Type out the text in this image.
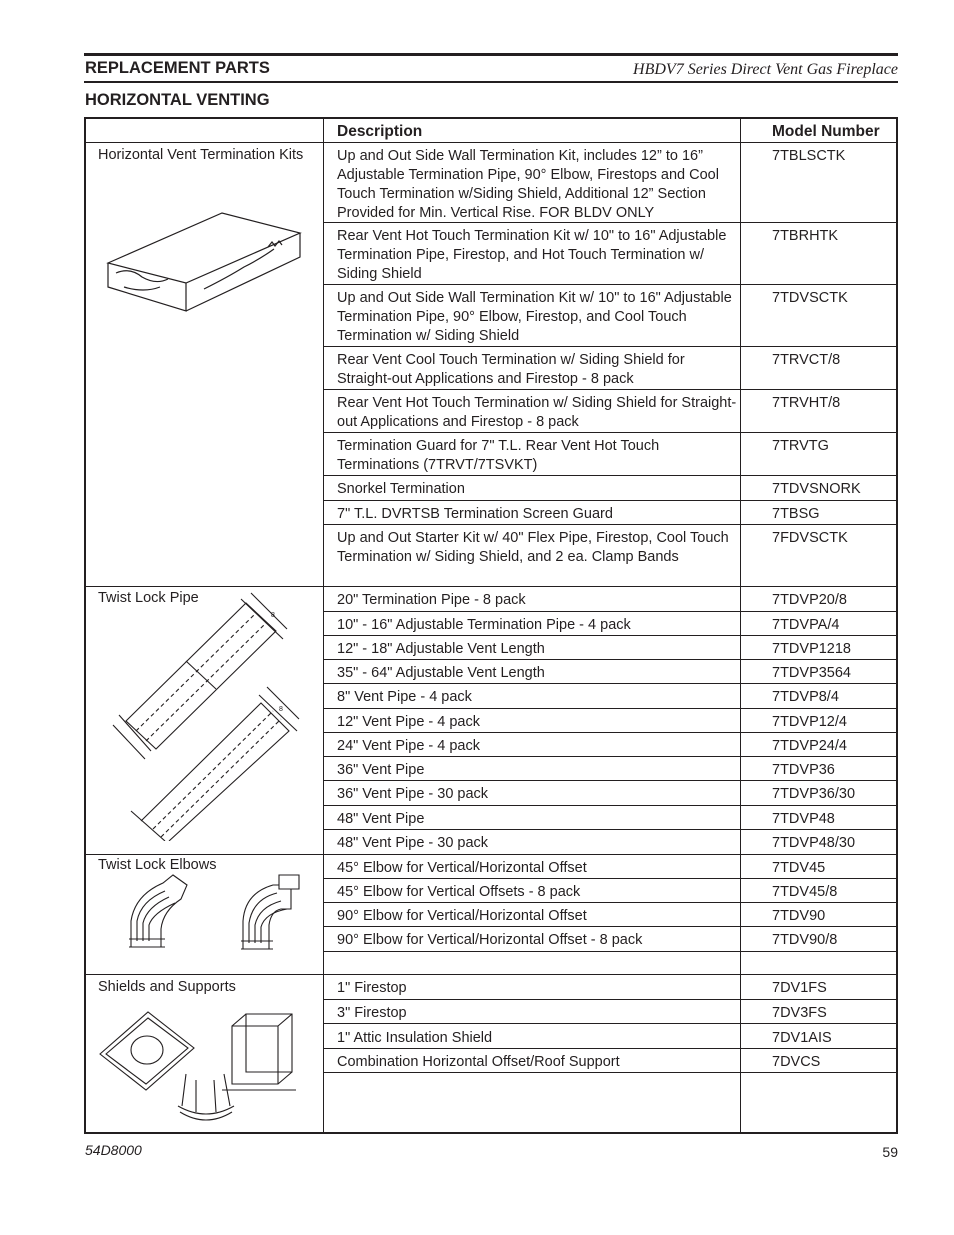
REPLACEMENT PARTS	HBDV7 Series Direct Vent Gas Fireplace
HORIZONTAL VENTING
Description	Model Number
Horizontal Vent Termination Kits
Twist Lock Pipe
Twist Lock Elbows
Shields and Supports
8
8
Up and Out Side Wall Termination Kit, includes 12” to 16” Adjustable Termination Pipe, 90° Elbow, Firestops and Cool Touch Termination w/Siding Shield, Additional 12” Section Provided for Min. Vertical Rise. FOR BLDV ONLY
7TBLSCTK
Rear Vent Hot Touch Termination Kit w/ 10" to 16" Adjustable Termination Pipe, Firestop, and Hot Touch Termination w/ Siding Shield
7TBRHTK
Up and Out Side Wall Termination Kit w/ 10" to 16" Adjustable Termination Pipe, 90° Elbow, Firestop, and Cool Touch Termination w/ Siding Shield
7TDVSCTK
Rear Vent Cool Touch Termination w/ Siding Shield for Straight-out Applications and Firestop - 8 pack
7TRVCT/8
Rear Vent Hot Touch Termination w/ Siding Shield for Straight-out Applications and Firestop - 8 pack
7TRVHT/8
Termination Guard for 7" T.L. Rear Vent Hot Touch Terminations (7TRVT/7TSVKT)
7TRVTG
Snorkel Termination	7TDVSNORK
7" T.L. DVRTSB Termination Screen Guard	7TBSG
Up and Out Starter Kit w/ 40" Flex Pipe, Firestop, Cool Touch Termination w/ Siding Shield, and 2 ea. Clamp Bands
7FDVSCTK
20" Termination Pipe - 8 pack	7TDVP20/8
10" - 16" Adjustable Termination Pipe - 4 pack	7TDVPA/4
12" - 18" Adjustable Vent Length	7TDVP1218
35" - 64" Adjustable Vent Length	7TDVP3564
8" Vent Pipe - 4 pack	7TDVP8/4
12" Vent Pipe - 4 pack	7TDVP12/4
24" Vent Pipe - 4 pack	7TDVP24/4
36" Vent Pipe	7TDVP36
36" Vent Pipe - 30 pack	7TDVP36/30
48" Vent Pipe	7TDVP48
48" Vent Pipe - 30 pack	7TDVP48/30
45° Elbow for Vertical/Horizontal Offset	7TDV45
45° Elbow for Vertical Offsets - 8 pack	7TDV45/8
90° Elbow for Vertical/Horizontal Offset	7TDV90
90° Elbow for Vertical/Horizontal Offset - 8 pack	7TDV90/8
1" Firestop	7DV1FS
3" Firestop	7DV3FS
1" Attic Insulation Shield	7DV1AIS
Combination Horizontal Offset/Roof Support	7DVCS
54D8000	59
